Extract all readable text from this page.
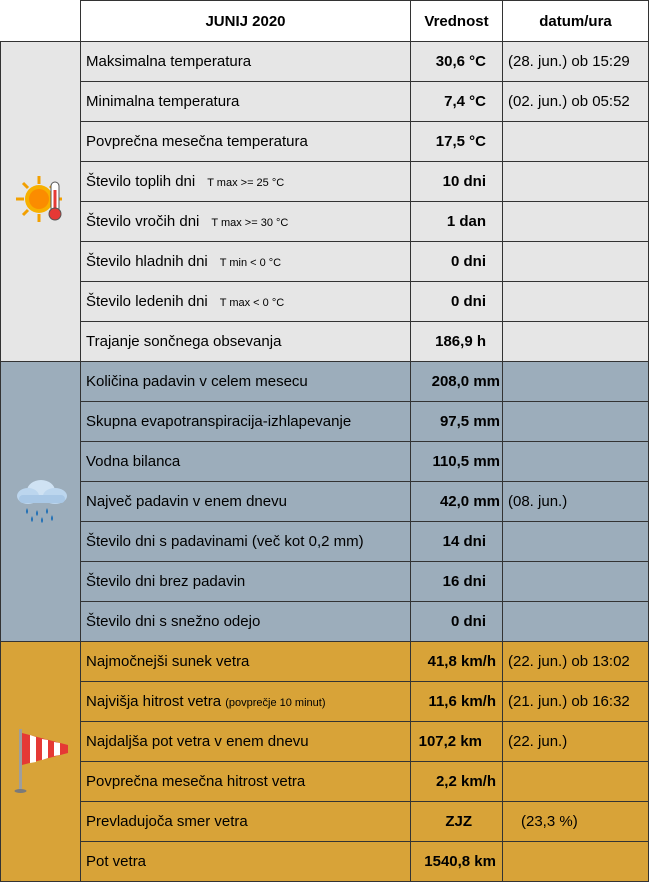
	JUNIJ 2020	Vrednost	datum/ura
	Maksimalna temperatura	30,6 °C	(28. jun.) ob 15:29
	Minimalna temperatura	7,4 °C	(02. jun.) ob 05:52
	Povprečna mesečna temperatura	17,5 °C	
	Število toplih dni T max >= 25 °C	10 dni	
	Število vročih dni T max >= 30 °C	1 dan	
	Število hladnih dni T min < 0 °C	0 dni	
	Število ledenih dni T max < 0 °C	0 dni	
	Trajanje sončnega obsevanja	186,9 h	
	Količina padavin v celem mesecu	208,0 mm	
	Skupna evapotranspiracija-izhlapevanje	97,5 mm	
	Vodna bilanca	110,5 mm	
	Največ padavin v enem dnevu	42,0 mm	(08. jun.)
	Število dni s padavinami (več kot 0,2 mm)	14 dni	
	Število dni brez padavin	16 dni	
	Število dni s snežno odejo	0 dni	
	Najmočnejši sunek vetra	41,8 km/h	(22. jun.) ob 13:02
	Najvišja hitrost vetra (povprečje 10 minut)	11,6 km/h	(21. jun.) ob 16:32
	Najdaljša pot vetra v enem dnevu	107,2 km	(22. jun.)
	Povprečna mesečna hitrost vetra	2,2 km/h	
	Prevladujoča smer vetra	ZJZ	(23,3 %)
	Pot vetra	1540,8 km	
